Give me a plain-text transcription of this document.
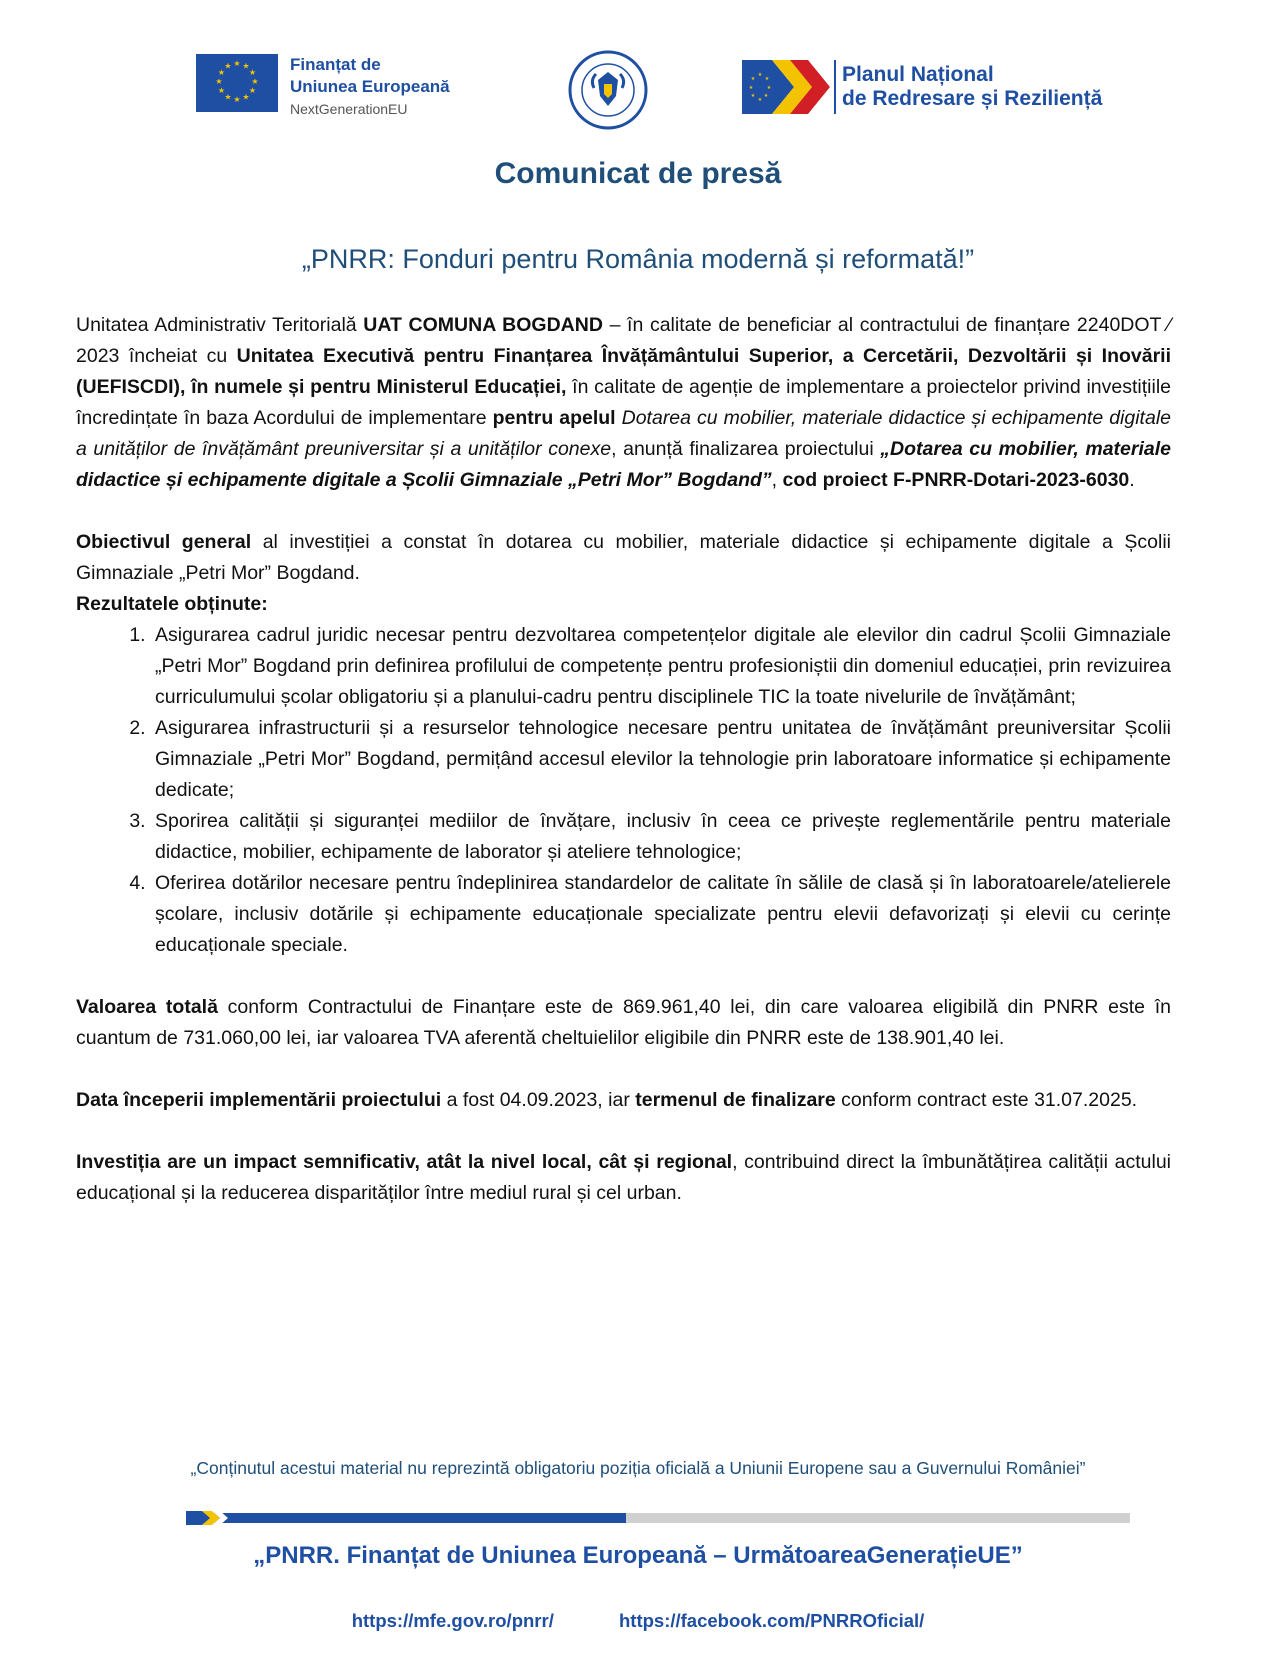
★ ★
★
★
★
★
★
★
★
★
★
★	Finanțat de
Uniunea Europeană
NextGenerationEU
★
★
★
★
★
★
★
★	Planul Național
de Redresare și Reziliență
Comunicat de presă
„PNRR: Fonduri pentru România modernă și reformată!”

Unitatea Administrativ Teritorială UAT COMUNA BOGDAND – în calitate de beneficiar al contractului de finanțare 2240DOT ⁄ 2023 încheiat cu Unitatea Executivă pentru Finanțarea Învățământului Superior, a Cercetării, Dezvoltării și Inovării (UEFISCDI), în numele și pentru Ministerul Educației, în calitate de agenție de implementare a proiectelor privind investițiile încredințate în baza Acordului de implementare pentru apelul Dotarea cu mobilier, materiale didactice și echipamente digitale a unităților de învățământ preuniversitar și a unităților conexe, anunță finalizarea proiectului „Dotarea cu mobilier, materiale didactice și echipamente digitale a Școlii Gimnaziale „Petri Mor” Bogdand”, cod proiect F-PNRR-Dotari-2023-6030.

Obiectivul general al investiției a constat în dotarea cu mobilier, materiale didactice și echipamente digitale a Școlii Gimnaziale „Petri Mor” Bogdand.

Rezultatele obținute:

1. Asigurarea cadrul juridic necesar pentru dezvoltarea competențelor digitale ale elevilor din cadrul Școlii Gimnaziale „Petri Mor” Bogdand prin definirea profilului de competențe pentru profesioniștii din domeniul educației, prin revizuirea curriculumului școlar obligatoriu și a planului-cadru pentru disciplinele TIC la toate nivelurile de învățământ;
2. Asigurarea infrastructurii și a resurselor tehnologice necesare pentru unitatea de învățământ preuniversitar Școlii Gimnaziale „Petri Mor” Bogdand, permițând accesul elevilor la tehnologie prin laboratoare informatice și echipamente dedicate;
3. Sporirea calității și siguranței mediilor de învățare, inclusiv în ceea ce privește reglementările pentru materiale didactice, mobilier, echipamente de laborator și ateliere tehnologice;
4. Oferirea dotărilor necesare pentru îndeplinirea standardelor de calitate în sălile de clasă și în laboratoarele/atelierele școlare, inclusiv dotările și echipamente educaționale specializate pentru elevii defavorizați și elevii cu cerințe educaționale speciale.

Valoarea totală conform Contractului de Finanțare este de 869.961,40 lei, din care valoarea eligibilă din PNRR este în cuantum de 731.060,00 lei, iar valoarea TVA aferentă cheltuielilor eligibile din PNRR este de 138.901,40 lei.

Data începerii implementării proiectului a fost 04.09.2023, iar termenul de finalizare conform contract este 31.07.2025.

Investiția are un impact semnificativ, atât la nivel local, cât și regional, contribuind direct la îmbunătățirea calității actului educațional și la reducerea disparităților între mediul rural și cel urban.

„Conținutul acestui material nu reprezintă obligatoriu poziția oficială a Uniunii Europene sau a Guvernului României”
„PNRR. Finanțat de Uniunea Europeană – UrmătoareaGenerațieUE”
https://mfe.gov.ro/pnrr/	https://facebook.com/PNRROficial/
